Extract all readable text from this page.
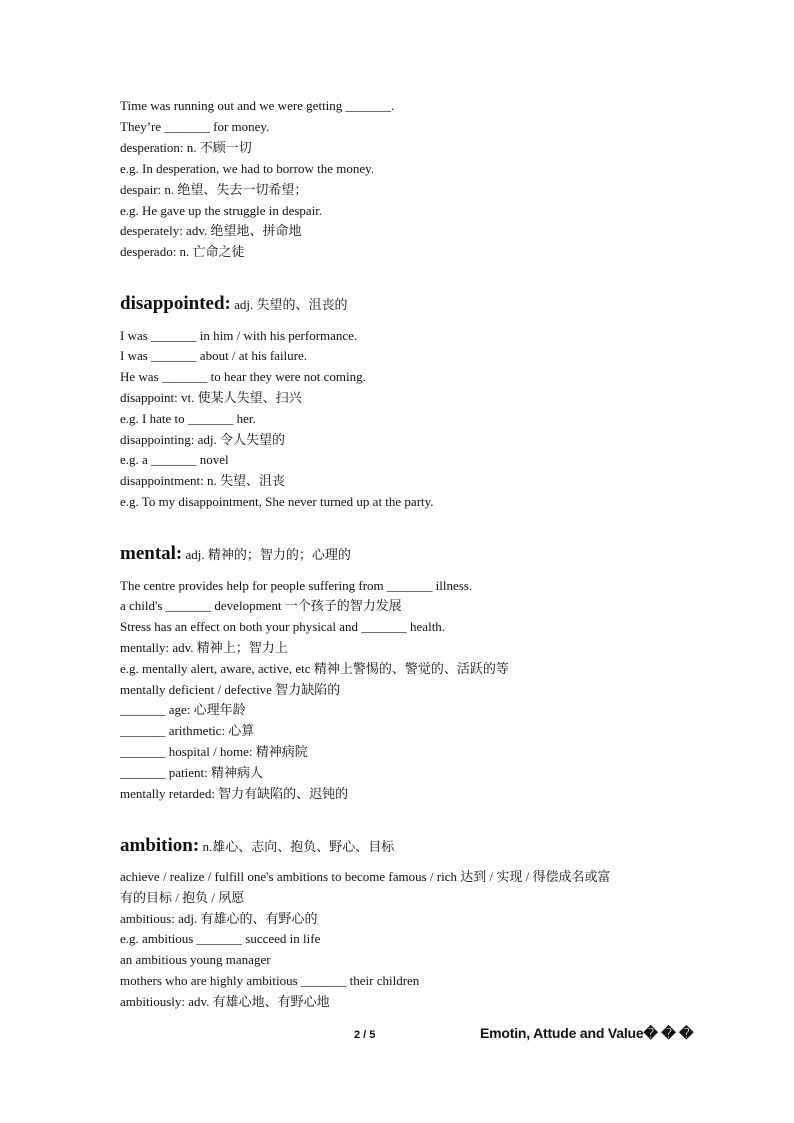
Time was running out and we were getting _______.
They’re _______ for money.
desperation: n. 不顾一切
e.g. In desperation, we had to borrow the money.
despair: n. 绝望、失去一切希望；
e.g. He gave up the struggle in despair.
desperately: adv. 绝望地、拼命地
desperado: n. 亡命之徒
disappointed: adj. 失望的、沮丧的
I was _______ in him / with his performance.
I was _______ about / at his failure.
He was _______ to hear they were not coming.
disappoint: vt. 使某人失望、扫兴
e.g. I hate to _______ her.
disappointing: adj. 令人失望的
e.g. a _______ novel
disappointment: n. 失望、沮丧
e.g. To my disappointment, She never turned up at the party.
mental: adj. 精神的；智力的；心理的
The centre provides help for people suffering from _______ illness.
a child's _______ development 一个孩子的智力发展
Stress has an effect on both your physical and _______ health.
mentally: adv. 精神上；智力上
e.g. mentally alert, aware, active, etc 精神上警惕的、警觉的、活跃的等
mentally deficient / defective 智力缺陷的
_______ age: 心理年龄
_______ arithmetic: 心算
_______ hospital / home: 精神病院
_______ patient: 精神病人
mentally retarded: 智力有缺陷的、迟钝的
ambition: n.雄心、志向、抱负、野心、目标
achieve / realize / fulfill one's ambitions to become famous / rich 达到 / 实现 / 得偿成名或富
有的目标 / 抱负 / 夙愿
ambitious: adj. 有雄心的、有野心的
e.g. ambitious _______ succeed in life
an ambitious young manager
mothers who are highly ambitious _______ their children
ambitiously: adv. 有雄心地、有野心地
2 / 5	Emotin, Attude and Value� � �
